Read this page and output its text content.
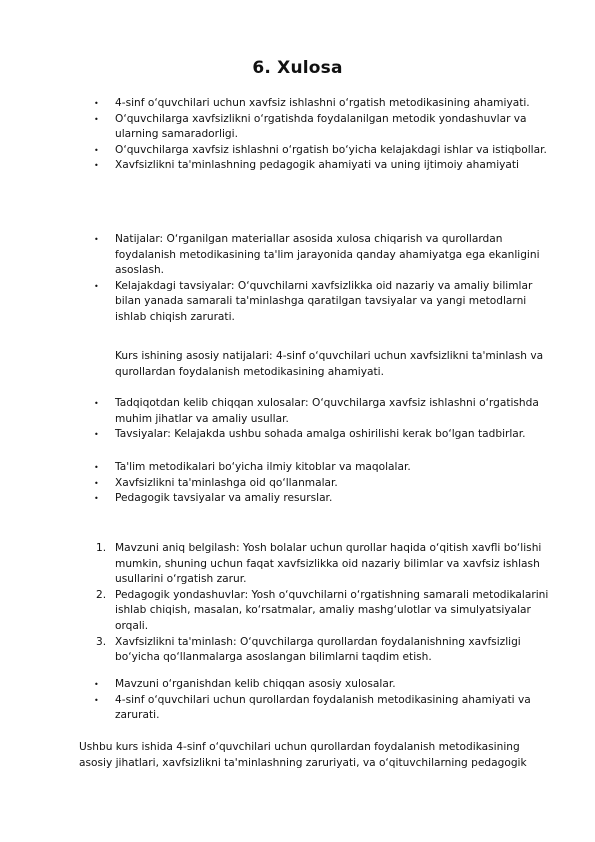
6. Xulosa
• 4-sinf o‘quvchilari uchun xavfsiz ishlashni o‘rgatish metodikasining ahamiyati.
• O‘quvchilarga xavfsizlikni o‘rgatishda foydalanilgan metodik yondashuvlar va ularning samaradorligi.
• O‘quvchilarga xavfsiz ishlashni o‘rgatish bo‘yicha kelajakdagi ishlar va istiqbollar.
• Xavfsizlikni ta'minlashning pedagogik ahamiyati va uning ijtimoiy ahamiyati
• Natijalar: O‘rganilgan materiallar asosida xulosa chiqarish va qurollardan foydalanish metodikasining ta'lim jarayonida qanday ahamiyatga ega ekanligini asoslash.
• Kelajakdagi tavsiyalar: O‘quvchilarni xavfsizlikka oid nazariy va amaliy bilimlar bilan yanada samarali ta'minlashga qaratilgan tavsiyalar va yangi metodlarni ishlab chiqish zarurati.
Kurs ishining asosiy natijalari: 4-sinf o‘quvchilari uchun xavfsizlikni ta'minlash va qurollardan foydalanish metodikasining ahamiyati.
• Tadqiqotdan kelib chiqqan xulosalar: O‘quvchilarga xavfsiz ishlashni o‘rgatishda muhim jihatlar va amaliy usullar.
• Tavsiyalar: Kelajakda ushbu sohada amalga oshirilishi kerak bo‘lgan tadbirlar.
• Ta'lim metodikalari bo‘yicha ilmiy kitoblar va maqolalar.
• Xavfsizlikni ta'minlashga oid qo‘llanmalar.
• Pedagogik tavsiyalar va amaliy resurslar.
1. Mavzuni aniq belgilash: Yosh bolalar uchun qurollar haqida o‘qitish xavfli bo‘lishi mumkin, shuning uchun faqat xavfsizlikka oid nazariy bilimlar va xavfsiz ishlash usullarini o‘rgatish zarur.
2. Pedagogik yondashuvlar: Yosh o‘quvchilarni o‘rgatishning samarali metodikalarini ishlab chiqish, masalan, ko‘rsatmalar, amaliy mashg‘ulotlar va simulyatsiyalar orqali.
3. Xavfsizlikni ta'minlash: O‘quvchilarga qurollardan foydalanishning xavfsizligi bo‘yicha qo‘llanmalarga asoslangan bilimlarni taqdim etish.
• Mavzuni o‘rganishdan kelib chiqqan asosiy xulosalar.
• 4-sinf o‘quvchilari uchun qurollardan foydalanish metodikasining ahamiyati va zarurati.
Ushbu kurs ishida 4-sinf o‘quvchilari uchun qurollardan foydalanish metodikasining asosiy jihatlari, xavfsizlikni ta'minlashning zaruriyati, va o‘qituvchilarning pedagogik
